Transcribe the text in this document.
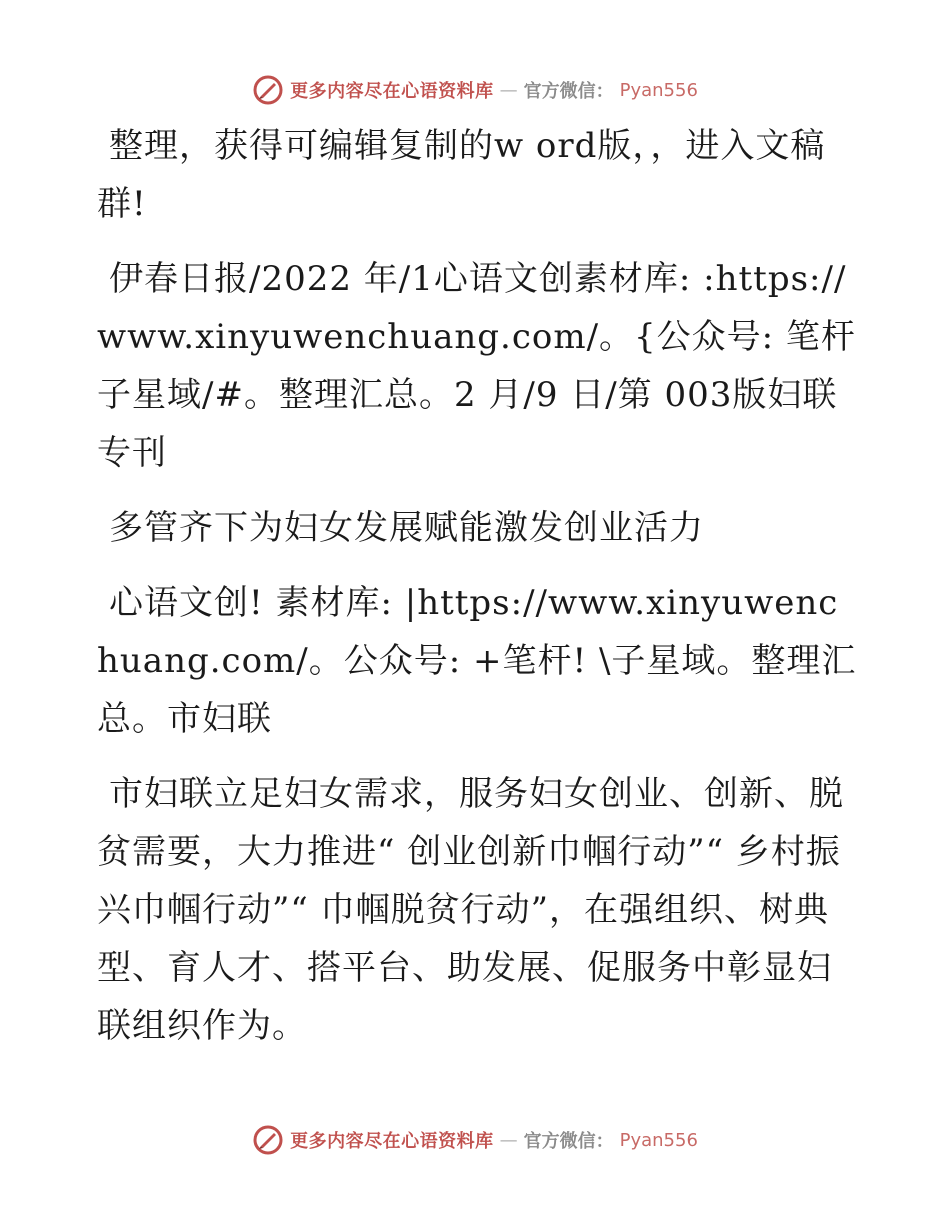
更多内容尽在心语资料库 — 官方微信： Pyan556

整理，获得可编辑复制的w ord版，，进入文稿群!

伊春日报/2022 年/1心语文创素材库: :https://www.xinyuwenchuang.com/。{公众号: 笔杆子星域/#。整理汇总。2 月/9 日/第 003版妇联专刊

多管齐下为妇女发展赋能激发创业活力

心语文创! 素材库: |https://www.xinyuwenchuang.com/。公众号: +笔杆! \子星域。整理汇总。市妇联

市妇联立足妇女需求，服务妇女创业、创新、脱贫需要，大力推进“ 创业创新巾帼行动”“ 乡村振兴巾帼行动”“ 巾帼脱贫行动”，在强组织、树典型、育人才、搭平台、助发展、促服务中彰显妇联组织作为。

更多内容尽在心语资料库 — 官方微信： Pyan556
